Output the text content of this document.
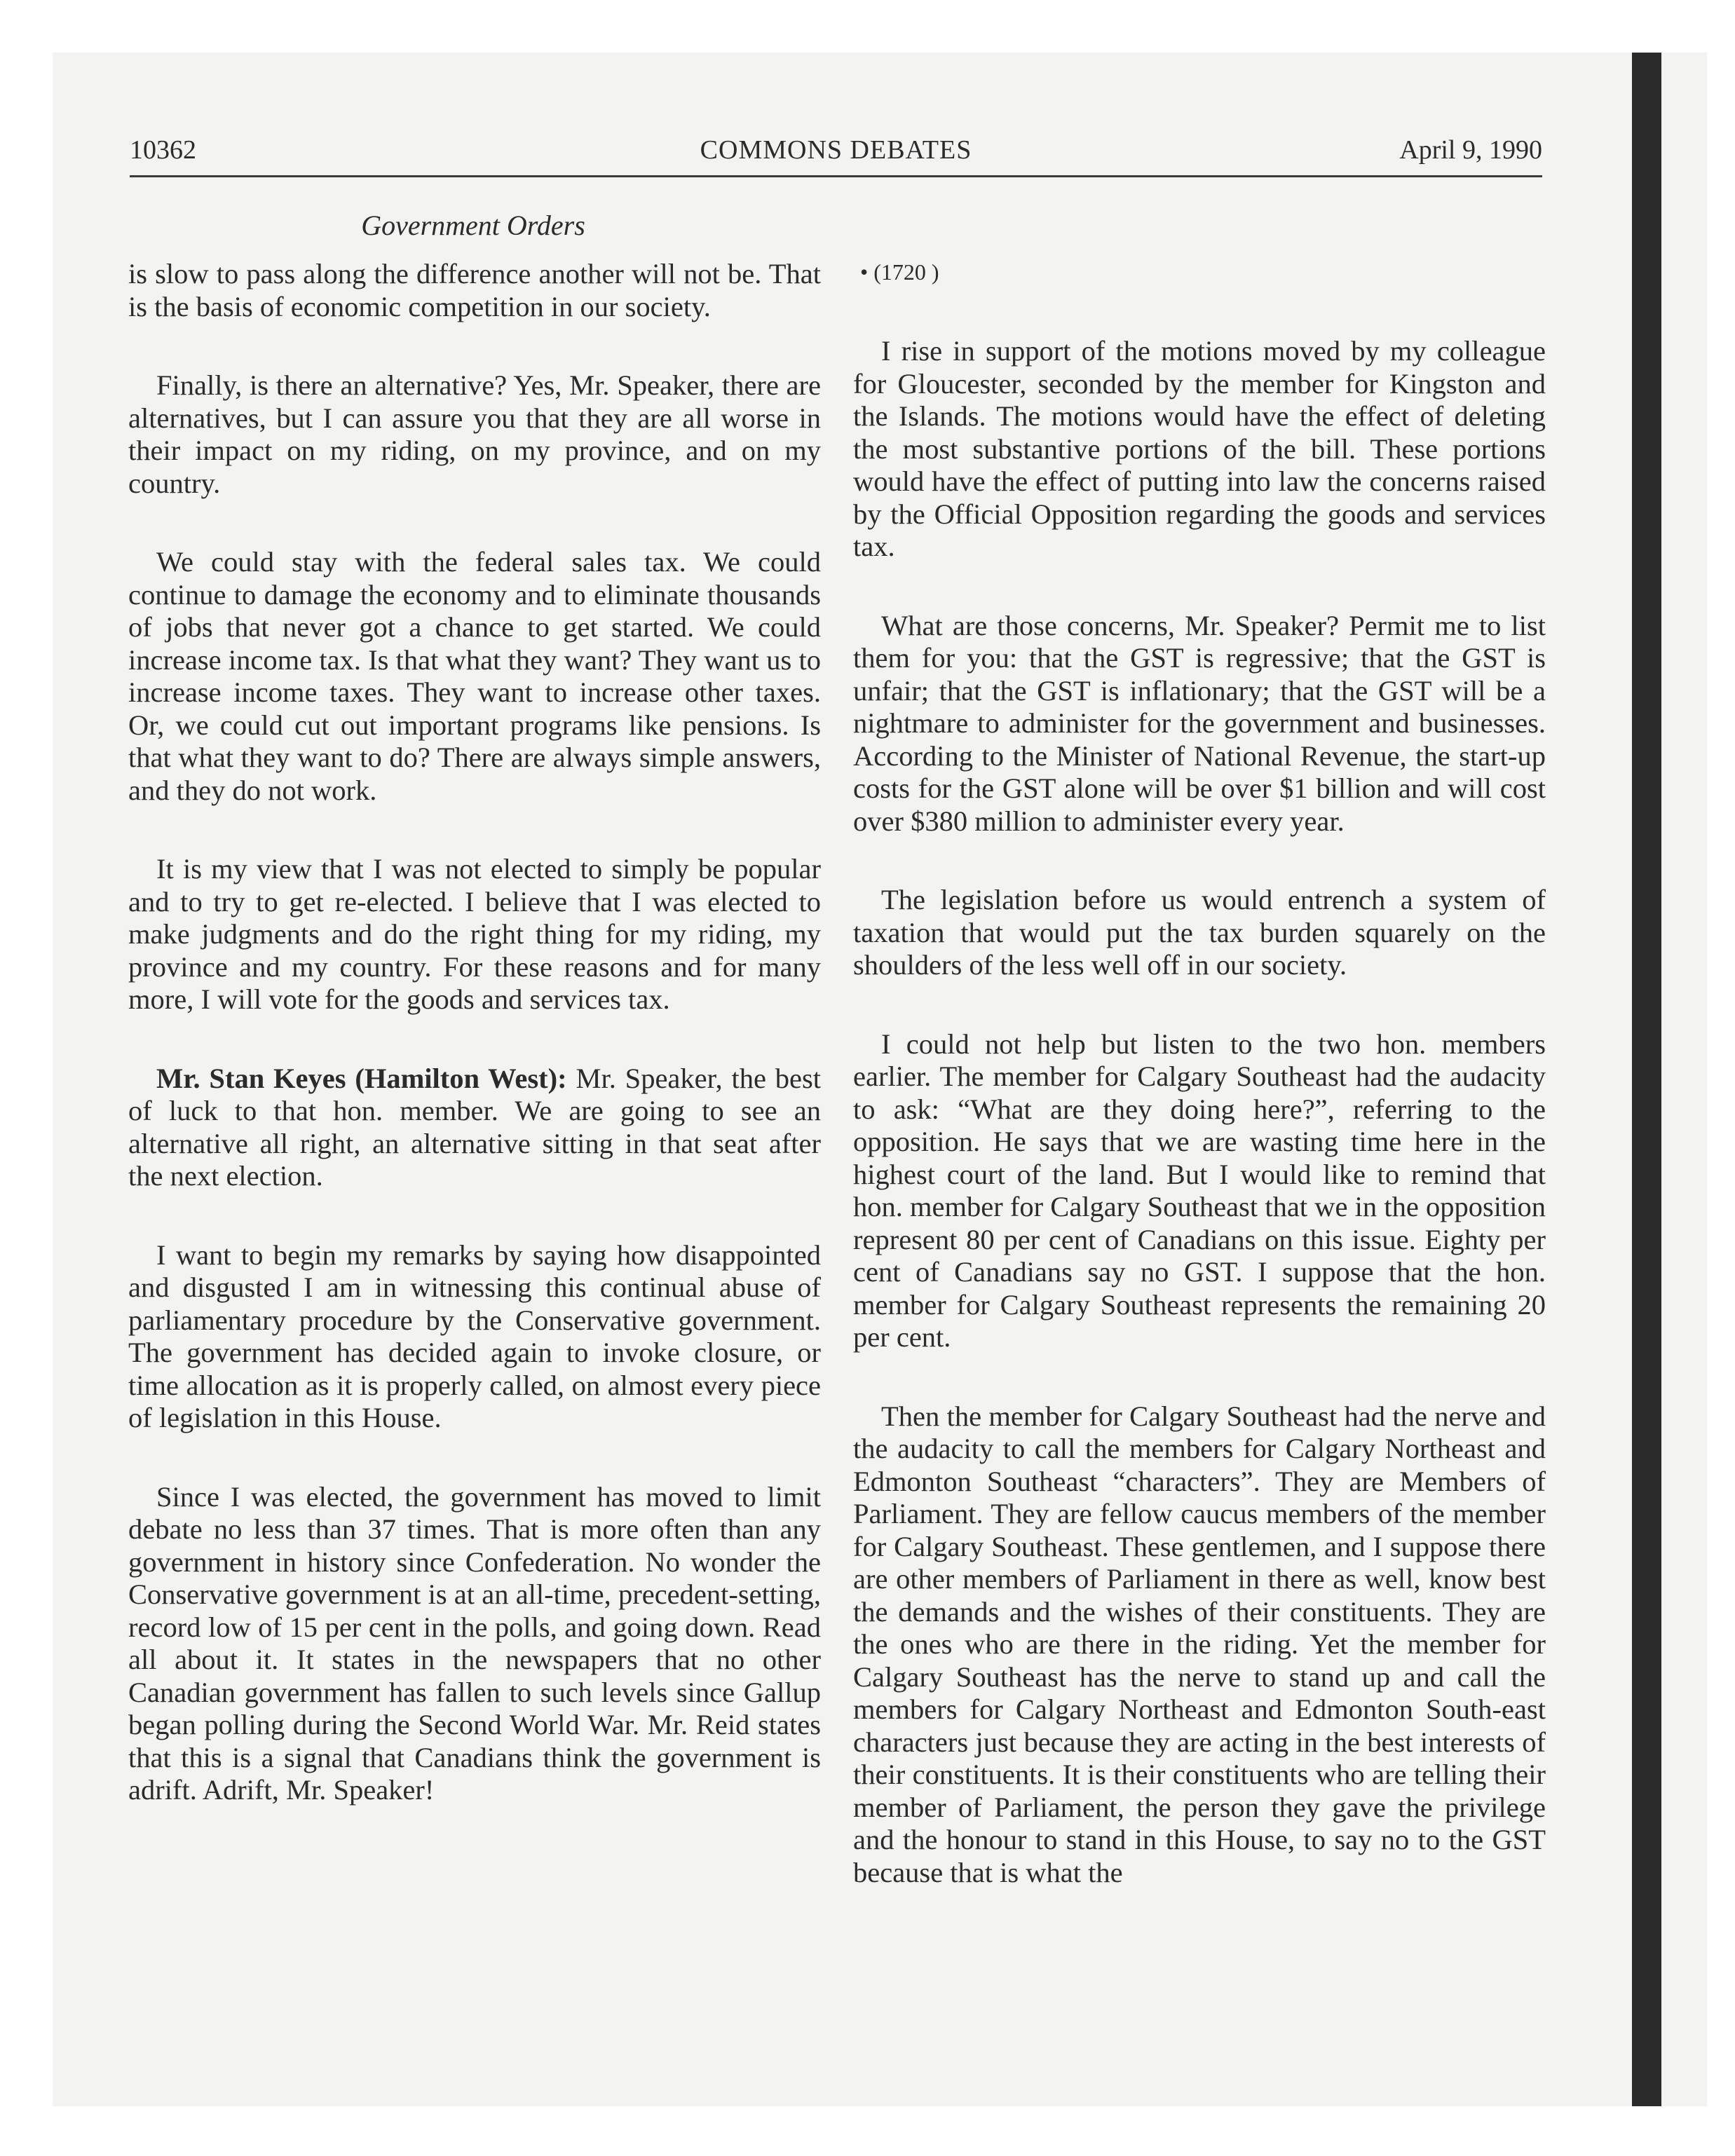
10362	COMMONS DEBATES	April 9, 1990
Government Orders

is slow to pass along the difference another will not be. That is the basis of economic competition in our society.

Finally, is there an alternative? Yes, Mr. Speaker, there are alternatives, but I can assure you that they are all worse in their impact on my riding, on my province, and on my country.

We could stay with the federal sales tax. We could continue to damage the economy and to eliminate thousands of jobs that never got a chance to get started. We could increase income tax. Is that what they want? They want us to increase income taxes. They want to increase other taxes. Or, we could cut out important programs like pensions. Is that what they want to do? There are always simple answers, and they do not work.

It is my view that I was not elected to simply be popular and to try to get re-elected. I believe that I was elected to make judgments and do the right thing for my riding, my province and my country. For these reasons and for many more, I will vote for the goods and services tax.

Mr. Stan Keyes (Hamilton West): Mr. Speaker, the best of luck to that hon. member. We are going to see an alternative all right, an alternative sitting in that seat after the next election.

I want to begin my remarks by saying how disappointed and disgusted I am in witnessing this continual abuse of parliamentary procedure by the Conservative government. The government has decided again to invoke closure, or time allocation as it is properly called, on almost every piece of legislation in this House.

Since I was elected, the government has moved to limit debate no less than 37 times. That is more often than any government in history since Confederation. No wonder the Conservative government is at an all-time, precedent-setting, record low of 15 per cent in the polls, and going down. Read all about it. It states in the newspapers that no other Canadian government has fallen to such levels since Gallup began polling during the Second World War. Mr. Reid states that this is a signal that Canadians think the government is adrift. Adrift, Mr. Speaker!

• (1720 )

I rise in support of the motions moved by my colleague for Gloucester, seconded by the member for Kingston and the Islands. The motions would have the effect of deleting the most substantive portions of the bill. These portions would have the effect of putting into law the concerns raised by the Official Opposition regarding the goods and services tax.

What are those concerns, Mr. Speaker? Permit me to list them for you: that the GST is regressive; that the GST is unfair; that the GST is inflationary; that the GST will be a nightmare to administer for the government and businesses. According to the Minister of National Revenue, the start-up costs for the GST alone will be over $1 billion and will cost over $380 million to administer every year.

The legislation before us would entrench a system of taxation that would put the tax burden squarely on the shoulders of the less well off in our society.

I could not help but listen to the two hon. members earlier. The member for Calgary Southeast had the audacity to ask: “What are they doing here?”, referring to the opposition. He says that we are wasting time here in the highest court of the land. But I would like to remind that hon. member for Calgary Southeast that we in the opposition represent 80 per cent of Canadians on this issue. Eighty per cent of Canadians say no GST. I suppose that the hon. member for Calgary Southeast represents the remaining 20 per cent.

Then the member for Calgary Southeast had the nerve and the audacity to call the members for Calgary Northeast and Edmonton Southeast “characters”. They are Members of Parliament. They are fellow caucus members of the member for Calgary Southeast. These gentlemen, and I suppose there are other members of Parliament in there as well, know best the demands and the wishes of their constituents. They are the ones who are there in the riding. Yet the member for Calgary Southeast has the nerve to stand up and call the members for Calgary Northeast and Edmonton South-east characters just because they are acting in the best interests of their constituents. It is their constituents who are telling their member of Parliament, the person they gave the privilege and the honour to stand in this House, to say no to the GST because that is what the
